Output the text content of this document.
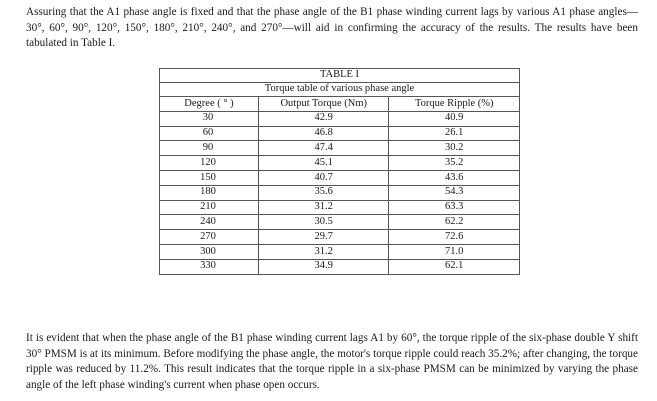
Assuring that the A1 phase angle is fixed and that the phase angle of the B1 phase winding current lags by various A1 phase angles—30°, 60°, 90°, 120°, 150°, 180°, 210°, 240°, and 270°—will aid in confirming the accuracy of the results. The results have been tabulated in Table I.

TABLE I		
Torque table of various phase angle		
Degree ( ° )	Output Torque (Nm)	Torque Ripple (%)
30	42.9	40.9
60	46.8	26.1
90	47.4	30.2
120	45.1	35.2
150	40.7	43.6
180	35.6	54.3
210	31.2	63.3
240	30.5	62.2
270	29.7	72.6
300	31.2	71.0
330	34.9	62.1

It is evident that when the phase angle of the B1 phase winding current lags A1 by 60°, the torque ripple of the six-phase double Y shift 30° PMSM is at its minimum. Before modifying the phase angle, the motor's torque ripple could reach 35.2%; after changing, the torque ripple was reduced by 11.2%. This result indicates that the torque ripple in a six-phase PMSM can be minimized by varying the phase angle of the left phase winding's current when phase open occurs.
